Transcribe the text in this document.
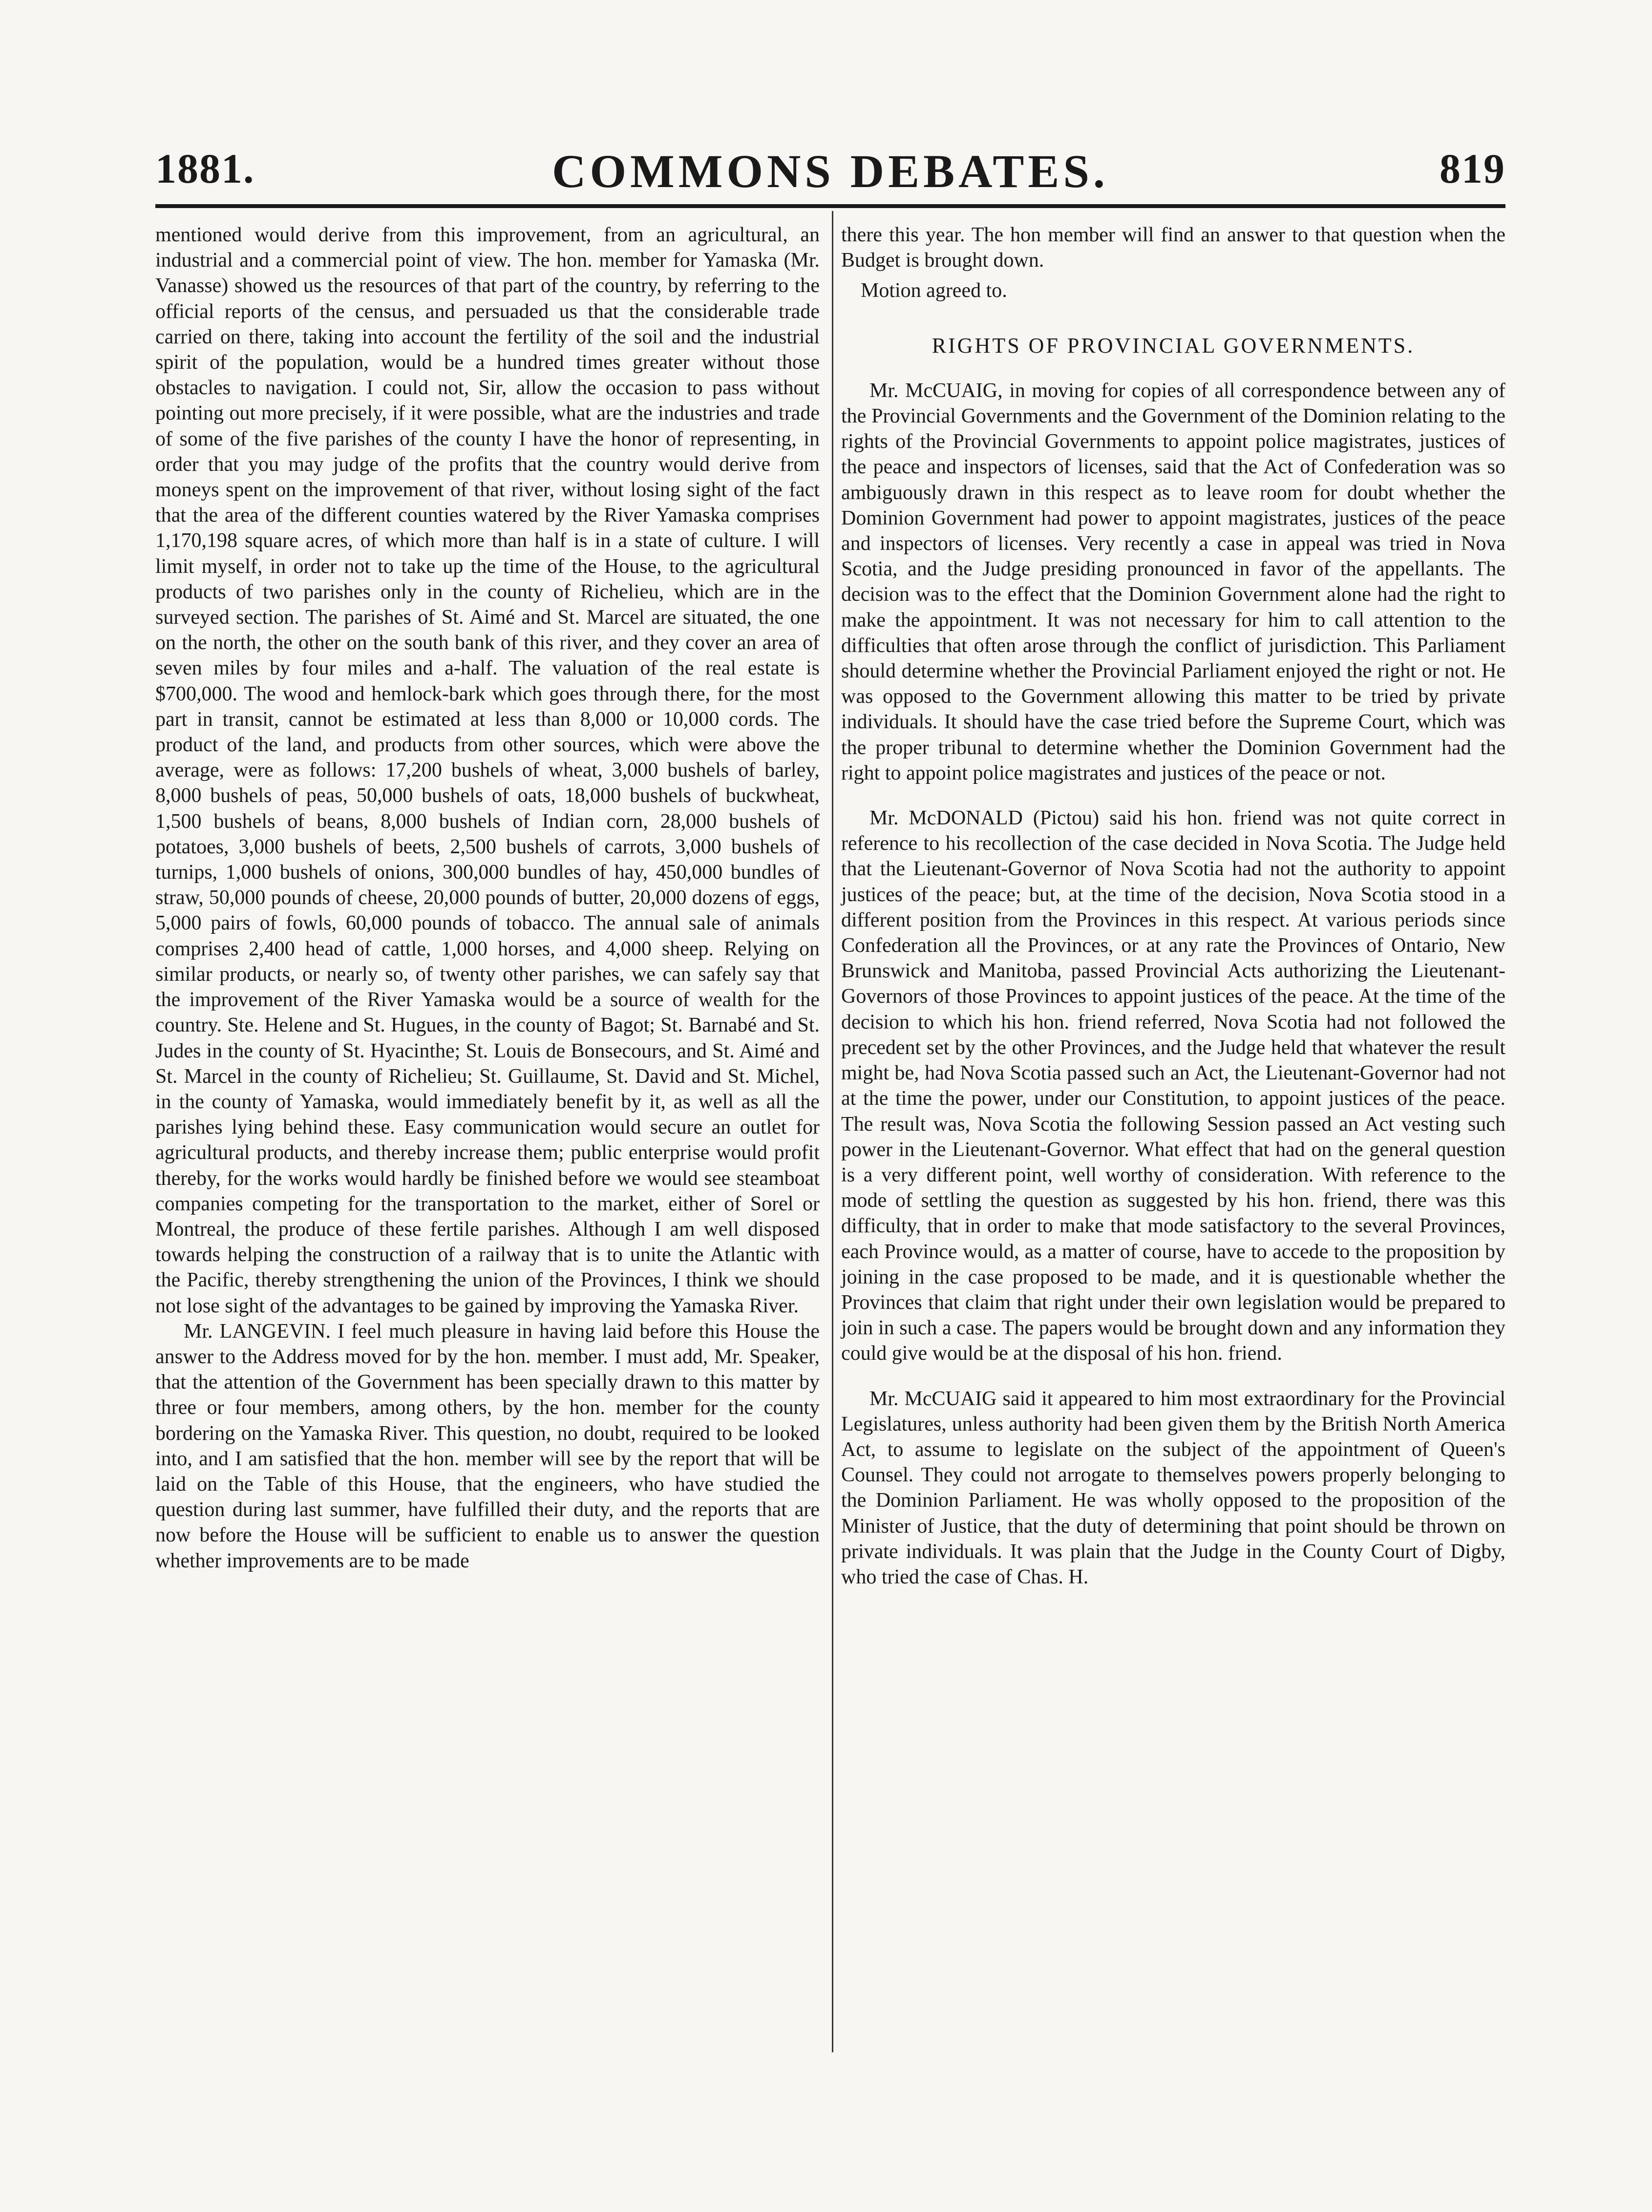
1881.	COMMONS DEBATES.	819

mentioned would derive from this improvement, from an agricultural, an industrial and a commercial point of view. The hon. member for Yamaska (Mr. Vanasse) showed us the resources of that part of the country, by referring to the official reports of the census, and persuaded us that the considerable trade carried on there, taking into account the fertility of the soil and the industrial spirit of the population, would be a hundred times greater without those obstacles to navigation. I could not, Sir, allow the occasion to pass without pointing out more precisely, if it were possible, what are the industries and trade of some of the five parishes of the county I have the honor of representing, in order that you may judge of the profits that the country would derive from moneys spent on the improvement of that river, without losing sight of the fact that the area of the different counties watered by the River Yamaska comprises 1,170,198 square acres, of which more than half is in a state of culture. I will limit myself, in order not to take up the time of the House, to the agricultural products of two parishes only in the county of Richelieu, which are in the surveyed section. The parishes of St. Aimé and St. Marcel are situated, the one on the north, the other on the south bank of this river, and they cover an area of seven miles by four miles and a-half. The valuation of the real estate is $700,000. The wood and hemlock-bark which goes through there, for the most part in transit, cannot be estimated at less than 8,000 or 10,000 cords. The product of the land, and products from other sources, which were above the average, were as follows: 17,200 bushels of wheat, 3,000 bushels of barley, 8,000 bushels of peas, 50,000 bushels of oats, 18,000 bushels of buckwheat, 1,500 bushels of beans, 8,000 bushels of Indian corn, 28,000 bushels of potatoes, 3,000 bushels of beets, 2,500 bushels of carrots, 3,000 bushels of turnips, 1,000 bushels of onions, 300,000 bundles of hay, 450,000 bundles of straw, 50,000 pounds of cheese, 20,000 pounds of butter, 20,000 dozens of eggs, 5,000 pairs of fowls, 60,000 pounds of tobacco. The annual sale of animals comprises 2,400 head of cattle, 1,000 horses, and 4,000 sheep. Relying on similar products, or nearly so, of twenty other parishes, we can safely say that the improvement of the River Yamaska would be a source of wealth for the country. Ste. Helene and St. Hugues, in the county of Bagot; St. Barnabé and St. Judes in the county of St. Hyacinthe; St. Louis de Bonsecours, and St. Aimé and St. Marcel in the county of Richelieu; St. Guillaume, St. David and St. Michel, in the county of Yamaska, would immediately benefit by it, as well as all the parishes lying behind these. Easy communication would secure an outlet for agricultural products, and thereby increase them; public enterprise would profit thereby, for the works would hardly be finished before we would see steamboat companies competing for the transportation to the market, either of Sorel or Montreal, the produce of these fertile parishes. Although I am well disposed towards helping the construction of a railway that is to unite the Atlantic with the Pacific, thereby strengthening the union of the Provinces, I think we should not lose sight of the advantages to be gained by improving the Yamaska River.

Mr. LANGEVIN. I feel much pleasure in having laid before this House the answer to the Address moved for by the hon. member. I must add, Mr. Speaker, that the attention of the Government has been specially drawn to this matter by three or four members, among others, by the hon. member for the county bordering on the Yamaska River. This question, no doubt, required to be looked into, and I am satisfied that the hon. member will see by the report that will be laid on the Table of this House, that the engineers, who have studied the question during last summer, have fulfilled their duty, and the reports that are now before the House will be sufficient to enable us to answer the question whether improvements are to be made

there this year. The hon member will find an answer to that question when the Budget is brought down.

Motion agreed to.

RIGHTS OF PROVINCIAL GOVERNMENTS.

Mr. McCUAIG, in moving for copies of all correspondence between any of the Provincial Governments and the Government of the Dominion relating to the rights of the Provincial Governments to appoint police magistrates, justices of the peace and inspectors of licenses, said that the Act of Confederation was so ambiguously drawn in this respect as to leave room for doubt whether the Dominion Government had power to appoint magistrates, justices of the peace and inspectors of licenses. Very recently a case in appeal was tried in Nova Scotia, and the Judge presiding pronounced in favor of the appellants. The decision was to the effect that the Dominion Government alone had the right to make the appointment. It was not necessary for him to call attention to the difficulties that often arose through the conflict of jurisdiction. This Parliament should determine whether the Provincial Parliament enjoyed the right or not. He was opposed to the Government allowing this matter to be tried by private individuals. It should have the case tried before the Supreme Court, which was the proper tribunal to determine whether the Dominion Government had the right to appoint police magistrates and justices of the peace or not.

Mr. McDONALD (Pictou) said his hon. friend was not quite correct in reference to his recollection of the case decided in Nova Scotia. The Judge held that the Lieutenant-Governor of Nova Scotia had not the authority to appoint justices of the peace; but, at the time of the decision, Nova Scotia stood in a different position from the Provinces in this respect. At various periods since Confederation all the Provinces, or at any rate the Provinces of Ontario, New Brunswick and Manitoba, passed Provincial Acts authorizing the Lieutenant-Governors of those Provinces to appoint justices of the peace. At the time of the decision to which his hon. friend referred, Nova Scotia had not followed the precedent set by the other Provinces, and the Judge held that whatever the result might be, had Nova Scotia passed such an Act, the Lieutenant-Governor had not at the time the power, under our Constitution, to appoint justices of the peace. The result was, Nova Scotia the following Session passed an Act vesting such power in the Lieutenant-Governor. What effect that had on the general question is a very different point, well worthy of consideration. With reference to the mode of settling the question as suggested by his hon. friend, there was this difficulty, that in order to make that mode satisfactory to the several Provinces, each Province would, as a matter of course, have to accede to the proposition by joining in the case proposed to be made, and it is questionable whether the Provinces that claim that right under their own legislation would be prepared to join in such a case. The papers would be brought down and any information they could give would be at the disposal of his hon. friend.

Mr. McCUAIG said it appeared to him most extraordinary for the Provincial Legislatures, unless authority had been given them by the British North America Act, to assume to legislate on the subject of the appointment of Queen's Counsel. They could not arrogate to themselves powers properly belonging to the Dominion Parliament. He was wholly opposed to the proposition of the Minister of Justice, that the duty of determining that point should be thrown on private individuals. It was plain that the Judge in the County Court of Digby, who tried the case of Chas. H.
